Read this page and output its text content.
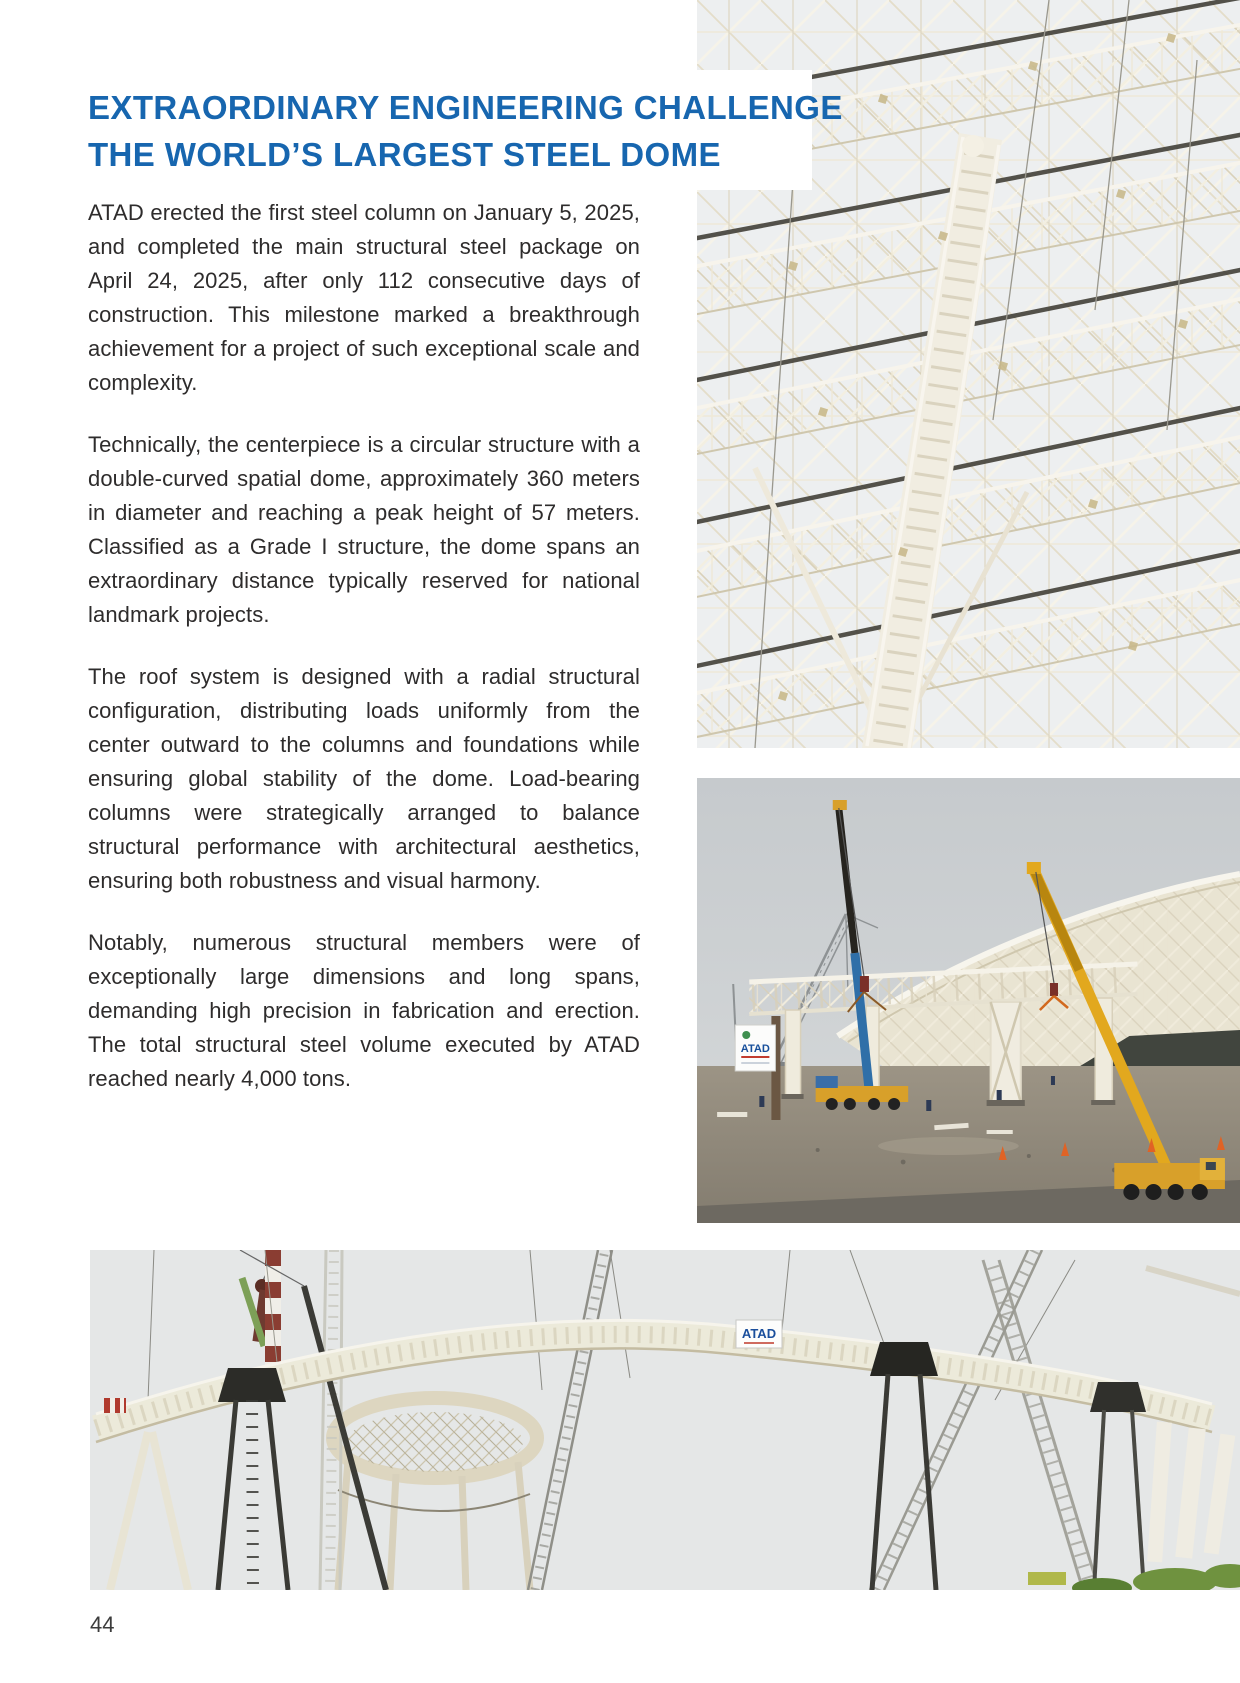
EXTRAORDINARY ENGINEERING CHALLENGE
THE WORLD’S LARGEST STEEL DOME

ATAD erected the first steel column on January 5, 2025, and completed the main structural steel package on April 24, 2025, after only 112 consecutive days of construction. This milestone marked a breakthrough achievement for a project of such exceptional scale and complexity.

Technically, the centerpiece is a circular structure with a double-curved spatial dome, approximately 360 meters in diameter and reaching a peak height of 57 meters. Classified as a Grade I structure, the dome spans an extraordinary distance typically reserved for national landmark projects.

The roof system is designed with a radial structural configuration, distributing loads uniformly from the center outward to the columns and foundations while ensuring global stability of the dome. Load-bearing columns were strategically arranged to balance structural performance with architectural aesthetics, ensuring both robustness and visual harmony.

Notably, numerous structural members were of exceptionally large dimensions and long spans, demanding high precision in fabrication and erection. The total structural steel volume executed by ATAD reached nearly 4,000 tons.

ATAD
ATAD
44
